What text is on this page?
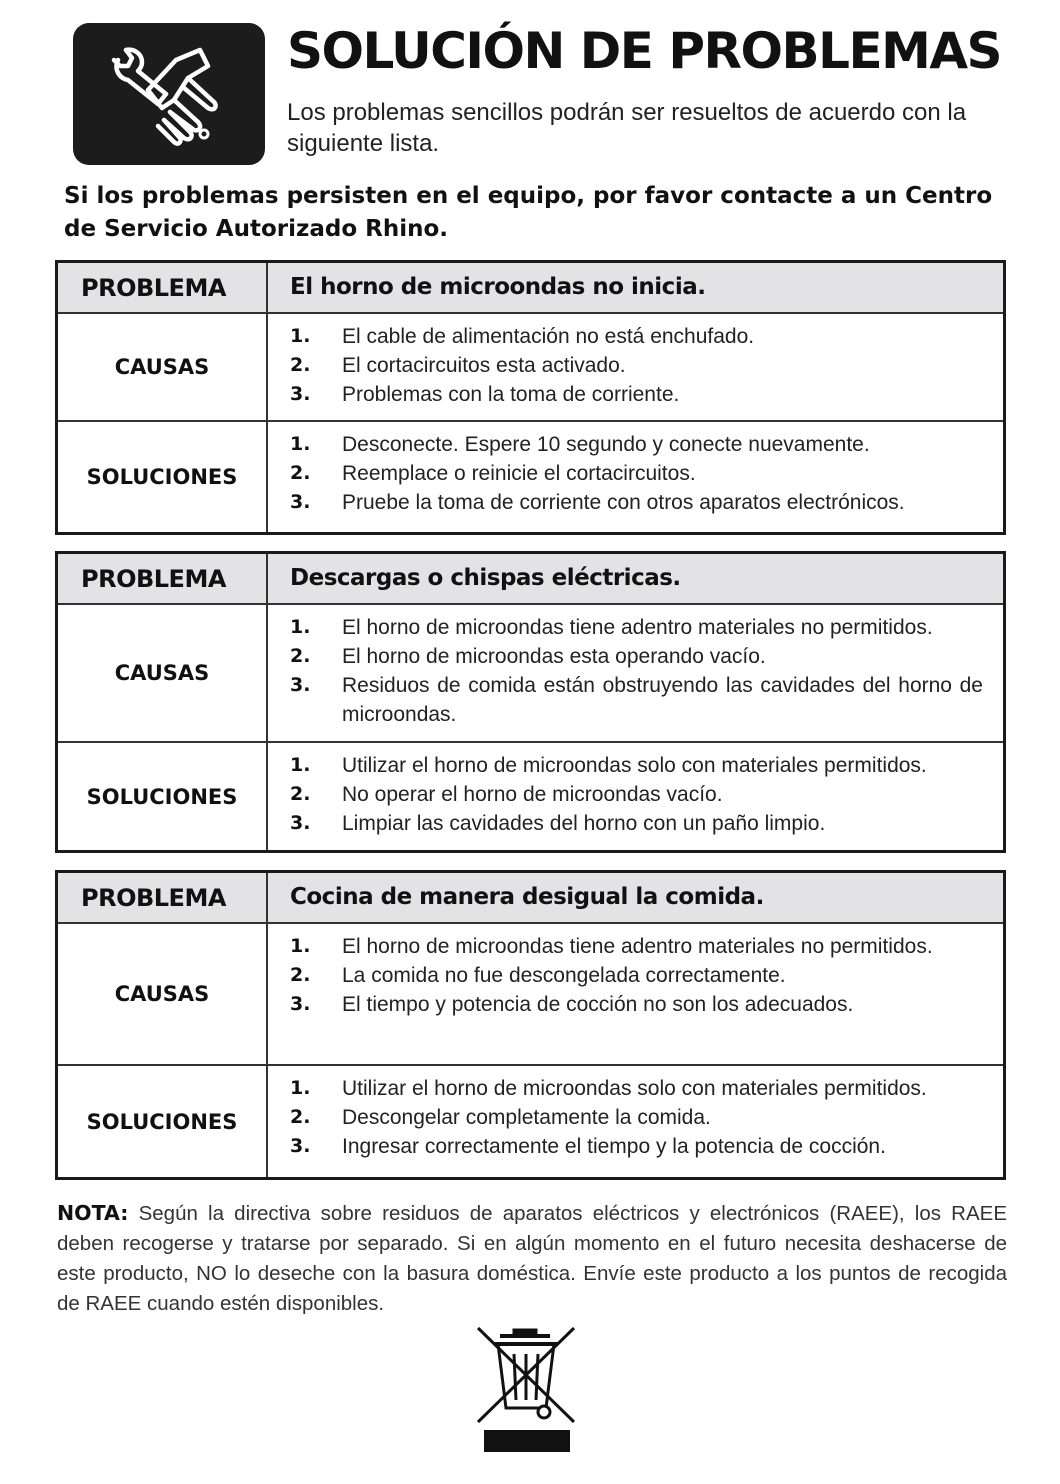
SOLUCIÓN DE PROBLEMAS
Los problemas sencillos podrán ser resueltos de acuerdo con la siguiente lista.
Si los problemas persisten en el equipo, por favor contacte a un Centro de Servicio Autorizado Rhino.
PROBLEMA	El horno de microondas no inicia.
CAUSAS
1.	El cable de alimentación no está enchufado.
2.	El cortacircuitos esta activado.
3.	Problemas con la toma de corriente.
SOLUCIONES
1.	Desconecte. Espere 10 segundo y conecte nuevamente.
2.	Reemplace o reinicie el cortacircuitos.
3.	Pruebe la toma de corriente con otros aparatos electrónicos.
PROBLEMA	Descargas o chispas eléctricas.
CAUSAS
1.	El horno de microondas tiene adentro materiales no permitidos.
2.	El horno de microondas esta operando vacío.
3.	Residuos de comida están obstruyendo las cavidades del horno de microondas.
SOLUCIONES
1.	Utilizar el horno de microondas solo con materiales permitidos.
2.	No operar el horno de microondas vacío.
3.	Limpiar las cavidades del horno con un paño limpio.
PROBLEMA	Cocina de manera desigual la comida.
CAUSAS
1.	El horno de microondas tiene adentro materiales no permitidos.
2.	La comida no fue descongelada correctamente.
3.	El tiempo y potencia de cocción no son los adecuados.
SOLUCIONES
1.	Utilizar el horno de microondas solo con materiales permitidos.
2.	Descongelar completamente la comida.
3.	Ingresar correctamente el tiempo y la potencia de cocción.
NOTA: Según la directiva sobre residuos de aparatos eléctricos y electrónicos (RAEE), los RAEE deben recogerse y tratarse por separado. Si en algún momento en el futuro necesita deshacerse de este producto, NO lo deseche con la basura doméstica. Envíe este producto a los puntos de recogida de RAEE cuando estén disponibles.
